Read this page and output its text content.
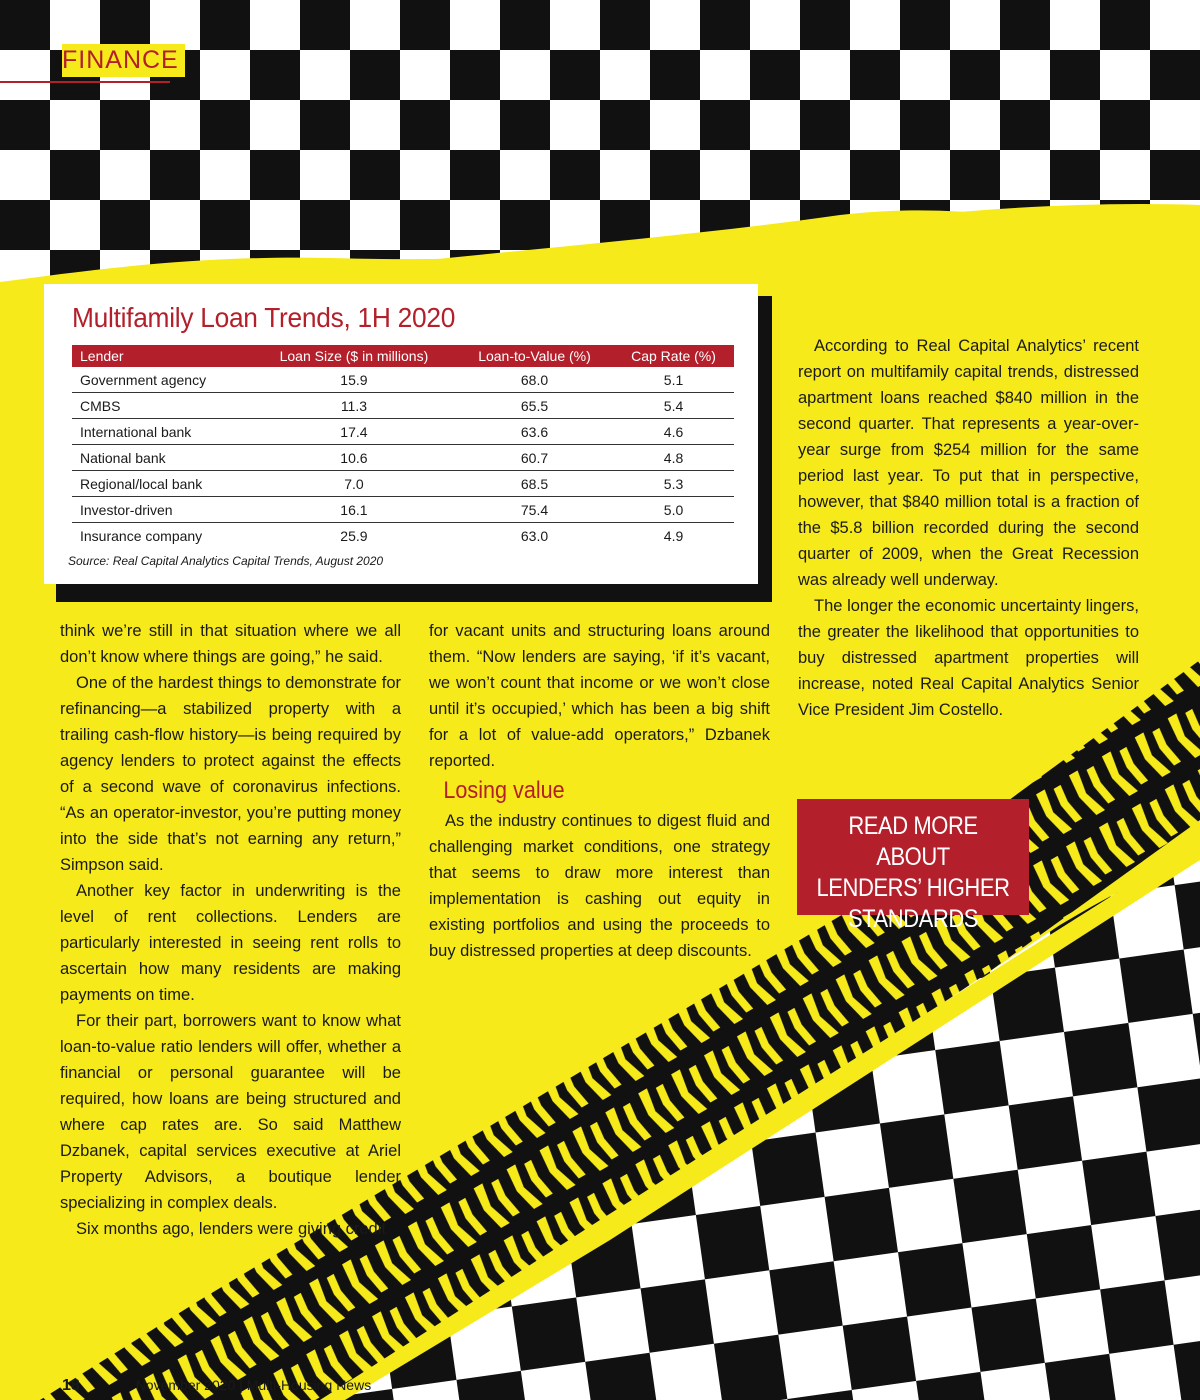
FINANCE
Multifamily Loan Trends, 1H 2020
Lender	Loan Size ($ in millions)	Loan-to-Value (%)	Cap Rate (%)
Government agency	15.9	68.0	5.1
CMBS	11.3	65.5	5.4
International bank	17.4	63.6	4.6
National bank	10.6	60.7	4.8
Regional/local bank	7.0	68.5	5.3
Investor-driven	16.1	75.4	5.0
Insurance company	25.9	63.0	4.9
Source: Real Capital Analytics Capital Trends, August 2020

think we’re still in that situation where we all don’t know where things are going,” he said.

One of the hardest things to demonstrate for refinancing—a stabilized property with a trailing cash-flow history—is being required by agency lenders to protect against the effects of a second wave of coronavirus infections. “As an operator-investor, you’re putting money into the side that’s not earning any return,” Simpson said.

Another key factor in underwriting is the level of rent collections. Lenders are particularly interested in seeing rent rolls to ascertain how many residents are making payments on time.

For their part, borrowers want to know what loan-to-value ratio lenders will offer, whether a financial or personal guarantee will be required, how loans are being structured and where cap rates are. So said Matthew Dzbanek, capital services executive at Ariel Property Advisors, a boutique lender specializing in complex deals.

Six months ago, lenders were giving credit

for vacant units and structuring loans around them. “Now lenders are saying, ‘if it’s vacant, we won’t count that income or we won’t close until it’s occupied,’ which has been a big shift for a lot of value-add operators,” Dzbanek reported.

Losing value

As the industry continues to digest fluid and challenging market conditions, one strategy that seems to draw more interest than implementation is cashing out equity in existing portfolios and using the proceeds to buy distressed properties at deep discounts.

According to Real Capital Analytics’ recent report on multifamily capital trends, distressed apartment loans reached $840 million in the second quarter. That represents a year-over-year surge from $254 million for the same period last year. To put that in perspective, however, that $840 million total is a fraction of the $5.8 billion recorded during the second quarter of 2009, when the Great Recession was already well underway.

The longer the economic uncertainty lingers, the greater the likelihood that opportunities to buy distressed apartment properties will increase, noted Real Capital Analytics Senior Vice President Jim Costello.

READ MORE ABOUT
LENDERS’ HIGHER
STANDARDS
18	November 2020 | Multi-Housing News
